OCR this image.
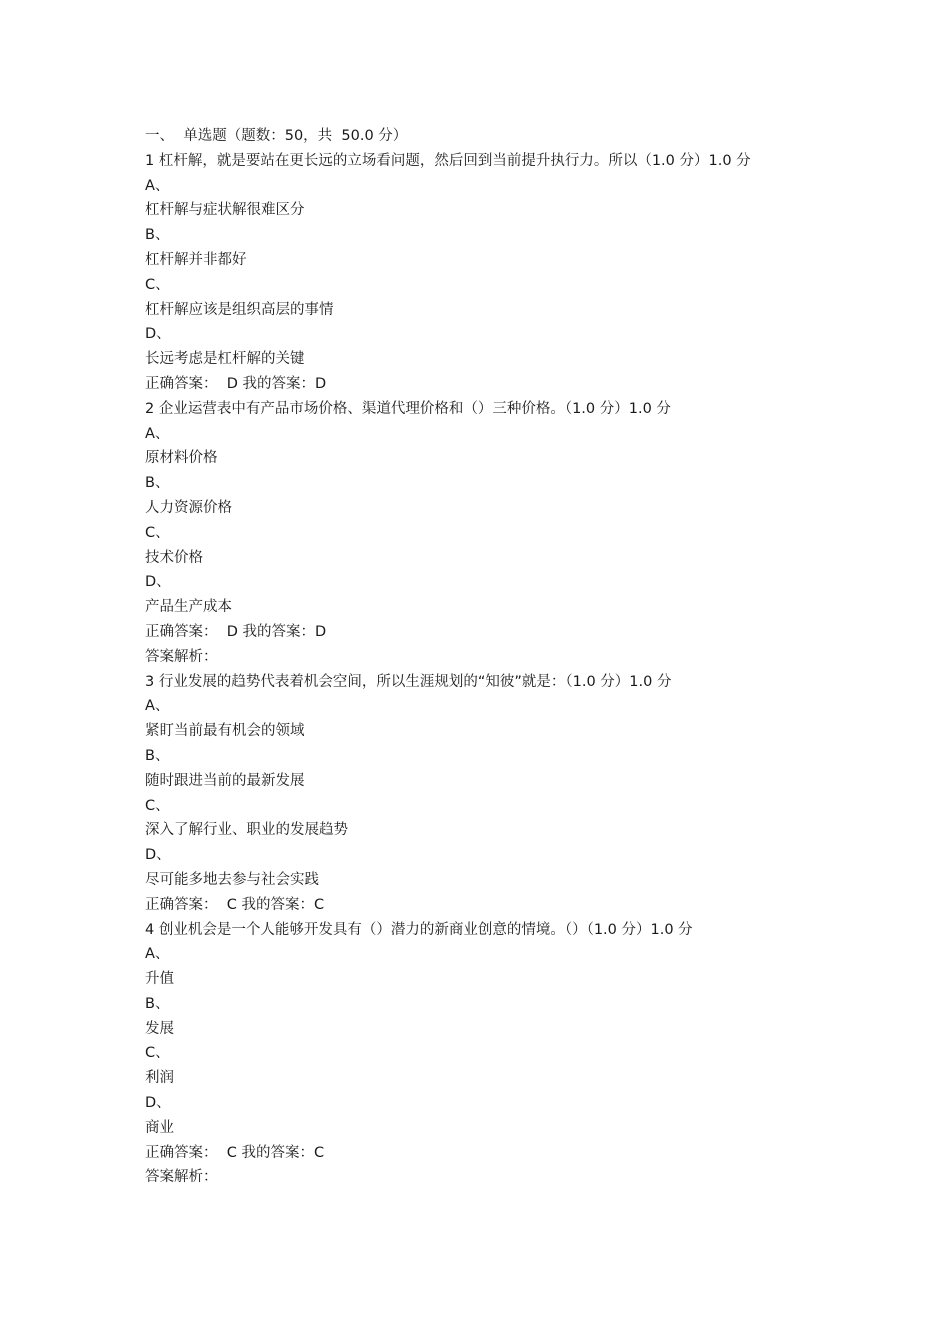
一、  单选题（题数：50，共  50.0 分）
1 杠杆解，就是要站在更长远的立场看问题，然后回到当前提升执行力。所以（1.0 分）1.0 分
A、
杠杆解与症状解很难区分
B、
杠杆解并非都好
C、
杠杆解应该是组织高层的事情
D、
长远考虑是杠杆解的关键
正确答案：  D 我的答案：D
2 企业运营表中有产品市场价格、渠道代理价格和（）三种价格。（1.0 分）1.0 分
A、
原材料价格
B、
人力资源价格
C、
技术价格
D、
产品生产成本
正确答案：  D 我的答案：D
答案解析：
3 行业发展的趋势代表着机会空间，所以生涯规划的“知彼”就是：（1.0 分）1.0 分
A、
紧盯当前最有机会的领域
B、
随时跟进当前的最新发展
C、
深入了解行业、职业的发展趋势
D、
尽可能多地去参与社会实践
正确答案：  C 我的答案：C
4 创业机会是一个人能够开发具有（）潜力的新商业创意的情境。（）（1.0 分）1.0 分
A、
升值
B、
发展
C、
利润
D、
商业
正确答案：  C 我的答案：C
答案解析：
